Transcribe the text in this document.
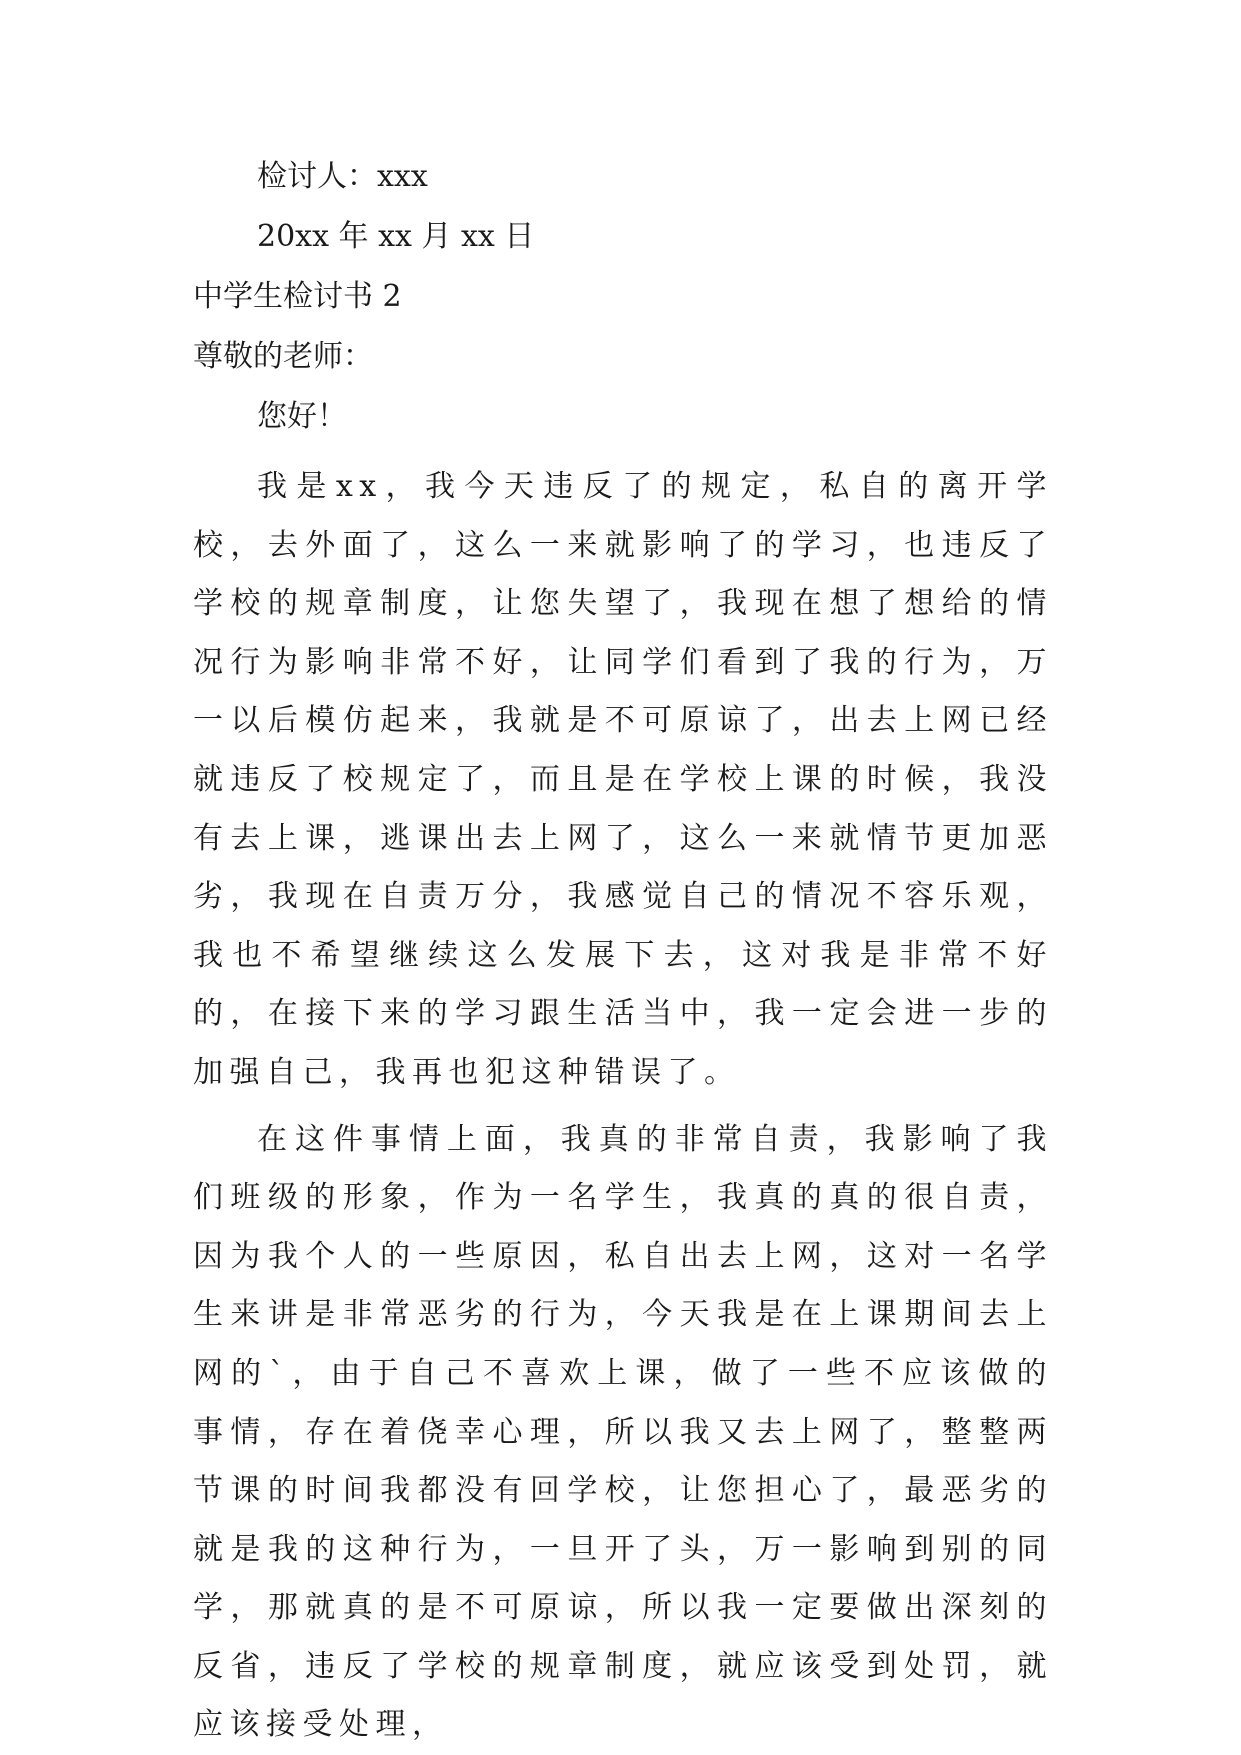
检讨人：xxx

20xx 年 xx 月 xx 日

中学生检讨书 2

尊敬的老师：

您好！

我是xx，我今天违反了的规定，私自的离开学校，去外面了，这么一来就影响了的学习，也违反了学校的规章制度，让您失望了，我现在想了想给的情况行为影响非常不好，让同学们看到了我的行为，万一以后模仿起来，我就是不可原谅了，出去上网已经就违反了校规定了，而且是在学校上课的时候，我没有去上课，逃课出去上网了，这么一来就情节更加恶劣，我现在自责万分，我感觉自己的情况不容乐观，我也不希望继续这么发展下去，这对我是非常不好的，在接下来的学习跟生活当中，我一定会进一步的加强自己，我再也犯这种错误了。

在这件事情上面，我真的非常自责，我影响了我们班级的形象，作为一名学生，我真的真的很自责，因为我个人的一些原因，私自出去上网，这对一名学生来讲是非常恶劣的行为，今天我是在上课期间去上网的`，由于自己不喜欢上课，做了一些不应该做的事情，存在着侥幸心理，所以我又去上网了，整整两节课的时间我都没有回学校，让您担心了，最恶劣的就是我的这种行为，一旦开了头，万一影响到别的同学，那就真的是不可原谅，所以我一定要做出深刻的反省，违反了学校的规章制度，就应该受到处罚，就应该接受处理，
